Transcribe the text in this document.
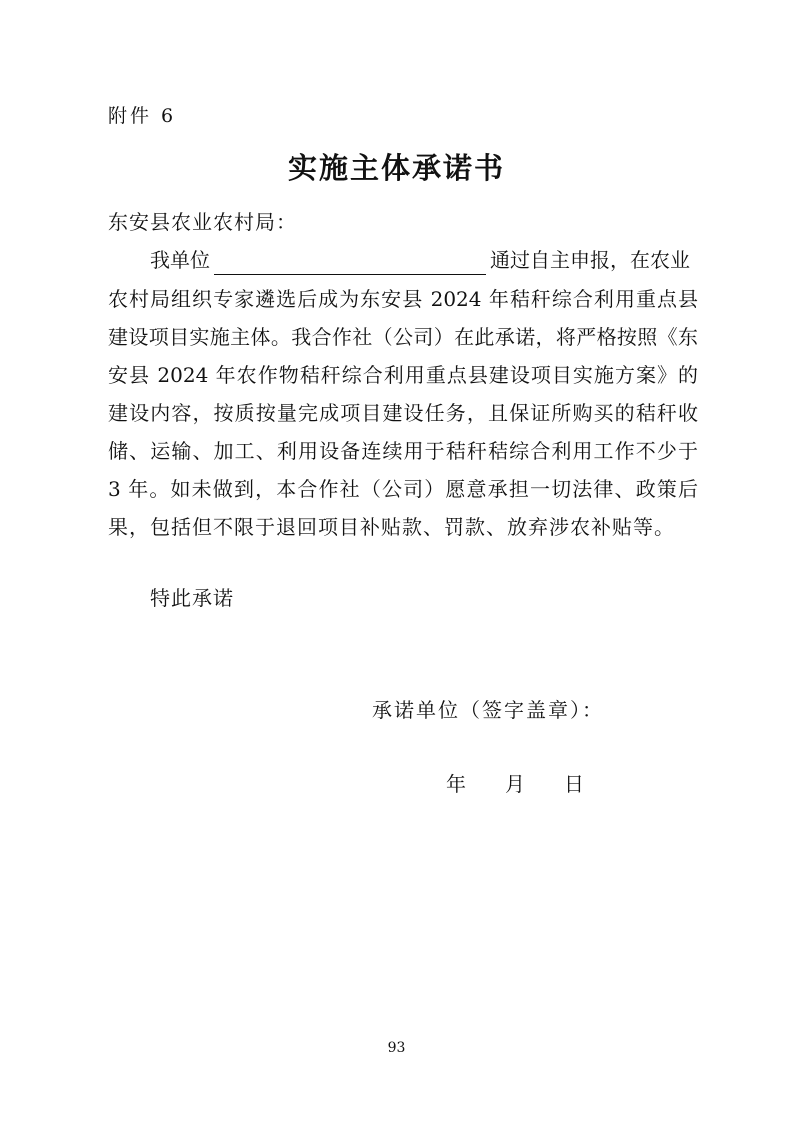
附件 6
实施主体承诺书
东安县农业农村局：
我单位	通过自主申报，在农业
农村局组织专家遴选后成为东安县 2024 年秸秆综合利用重点县
建设项目实施主体。我合作社（公司）在此承诺，将严格按照《东
安县 2024 年农作物秸秆综合利用重点县建设项目实施方案》的
建设内容，按质按量完成项目建设任务，且保证所购买的秸秆收
储、运输、加工、利用设备连续用于秸秆秸综合利用工作不少于
3 年。如未做到，本合作社（公司）愿意承担一切法律、政策后
果，包括但不限于退回项目补贴款、罚款、放弃涉农补贴等。
特此承诺
承诺单位（签字盖章）：
年 月 日
93
